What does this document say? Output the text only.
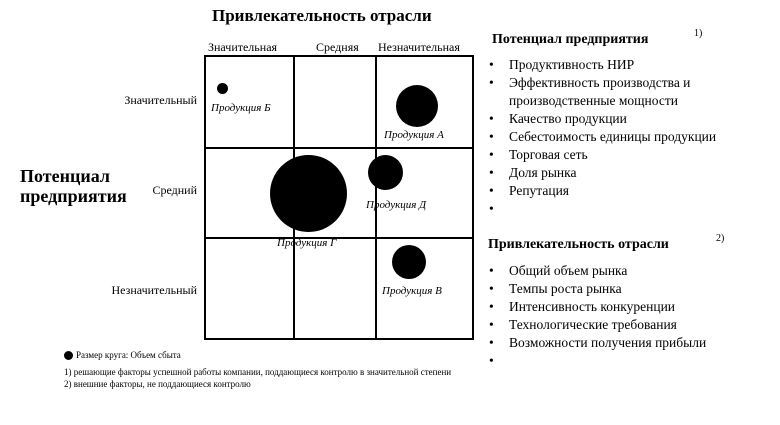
Привлекательность отрасли
Значительная	Средняя Незначительная
Значительный
Средний
Незначительный
Потенциал
предприятия
Продукция Б
Продукция А
Продукция Г
Продукция Д
Продукция В
Потенциал предприятия	1)
• Продуктивность НИР
• Эффективность производства и
производственные мощности
• Качество продукции
• Себестоимость единицы продукции
• Торговая сеть
• Доля рынка
• Репутация
Привлекательность отрасли	2)
• Общий объем рынка
• Темпы роста рынка
• Интенсивность конкуренции
• Технологические требования
• Возможности получения прибыли
Размер круга: Объем сбыта
1) решающие факторы успешной работы компании, поддающиеся контролю в значительной степени
2) внешние факторы, не поддающиеся контролю
